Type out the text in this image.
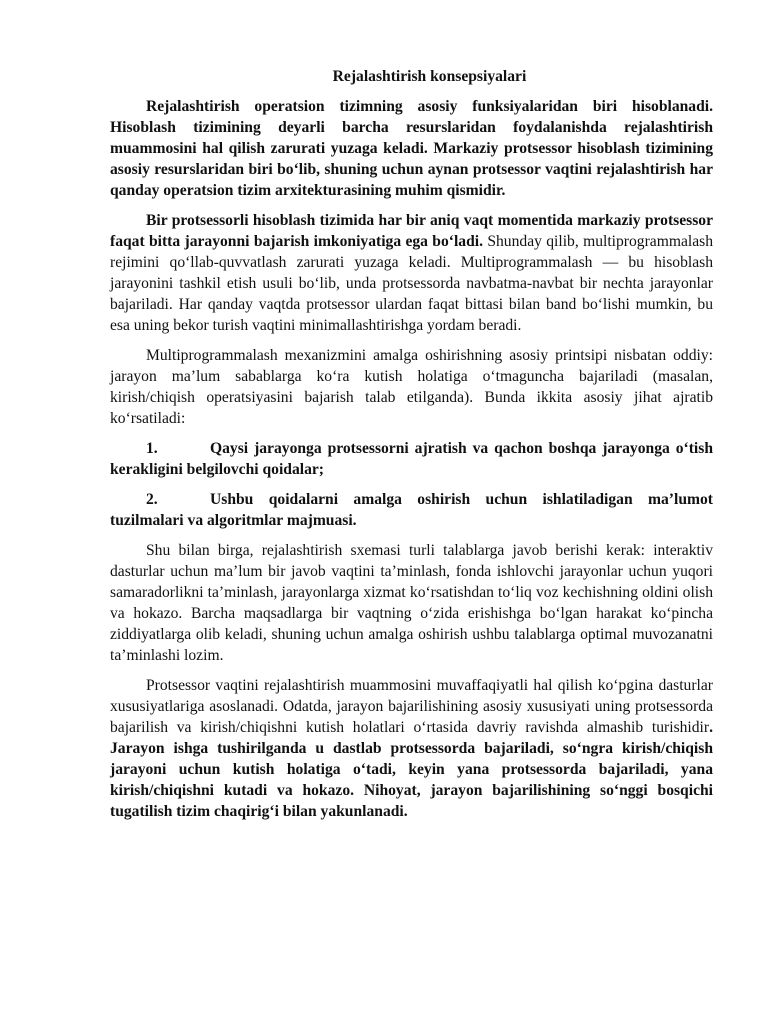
Rejalashtirish konsepsiyalari

Rejalashtirish operatsion tizimning asosiy funksiyalaridan biri hisoblanadi. Hisoblash tizimining deyarli barcha resurslaridan foydalanishda rejalashtirish muammosini hal qilish zarurati yuzaga keladi. Markaziy protsessor hisoblash tizimining asosiy resurslaridan biri bo‘lib, shuning uchun aynan protsessor vaqtini rejalashtirish har qanday operatsion tizim arxitekturasining muhim qismidir.

Bir protsessorli hisoblash tizimida har bir aniq vaqt momentida markaziy protsessor faqat bitta jarayonni bajarish imkoniyatiga ega bo‘ladi. Shunday qilib, multiprogrammalash rejimini qo‘llab-quvvatlash zarurati yuzaga keladi. Multiprogrammalash — bu hisoblash jarayonini tashkil etish usuli bo‘lib, unda protsessorda navbatma-navbat bir nechta jarayonlar bajariladi. Har qanday vaqtda protsessor ulardan faqat bittasi bilan band bo‘lishi mumkin, bu esa uning bekor turish vaqtini minimallashtirishga yordam beradi.

Multiprogrammalash mexanizmini amalga oshirishning asosiy printsipi nisbatan oddiy: jarayon ma’lum sabablarga ko‘ra kutish holatiga o‘tmaguncha bajariladi (masalan, kirish/chiqish operatsiyasini bajarish talab etilganda). Bunda ikkita asosiy jihat ajratib ko‘rsatiladi:

1.	Qaysi jarayonga protsessorni ajratish va qachon boshqa jarayonga o‘tish kerakligini belgilovchi qoidalar;

2.	Ushbu qoidalarni amalga oshirish uchun ishlatiladigan ma’lumot tuzilmalari va algoritmlar majmuasi.

Shu bilan birga, rejalashtirish sxemasi turli talablarga javob berishi kerak: interaktiv dasturlar uchun ma’lum bir javob vaqtini ta’minlash, fonda ishlovchi jarayonlar uchun yuqori samaradorlikni ta’minlash, jarayonlarga xizmat ko‘rsatishdan to‘liq voz kechishning oldini olish va hokazo. Barcha maqsadlarga bir vaqtning o‘zida erishishga bo‘lgan harakat ko‘pincha ziddiyatlarga olib keladi, shuning uchun amalga oshirish ushbu talablarga optimal muvozanatni ta’minlashi lozim.

Protsessor vaqtini rejalashtirish muammosini muvaffaqiyatli hal qilish ko‘pgina dasturlar xususiyatlariga asoslanadi. Odatda, jarayon bajarilishining asosiy xususiyati uning protsessorda bajarilish va kirish/chiqishni kutish holatlari o‘rtasida davriy ravishda almashib turishidir. Jarayon ishga tushirilganda u dastlab protsessorda bajariladi, so‘ngra kirish/chiqish jarayoni uchun kutish holatiga o‘tadi, keyin yana protsessorda bajariladi, yana kirish/chiqishni kutadi va hokazo. Nihoyat, jarayon bajarilishining so‘nggi bosqichi tugatilish tizim chaqirig‘i bilan yakunlanadi.
